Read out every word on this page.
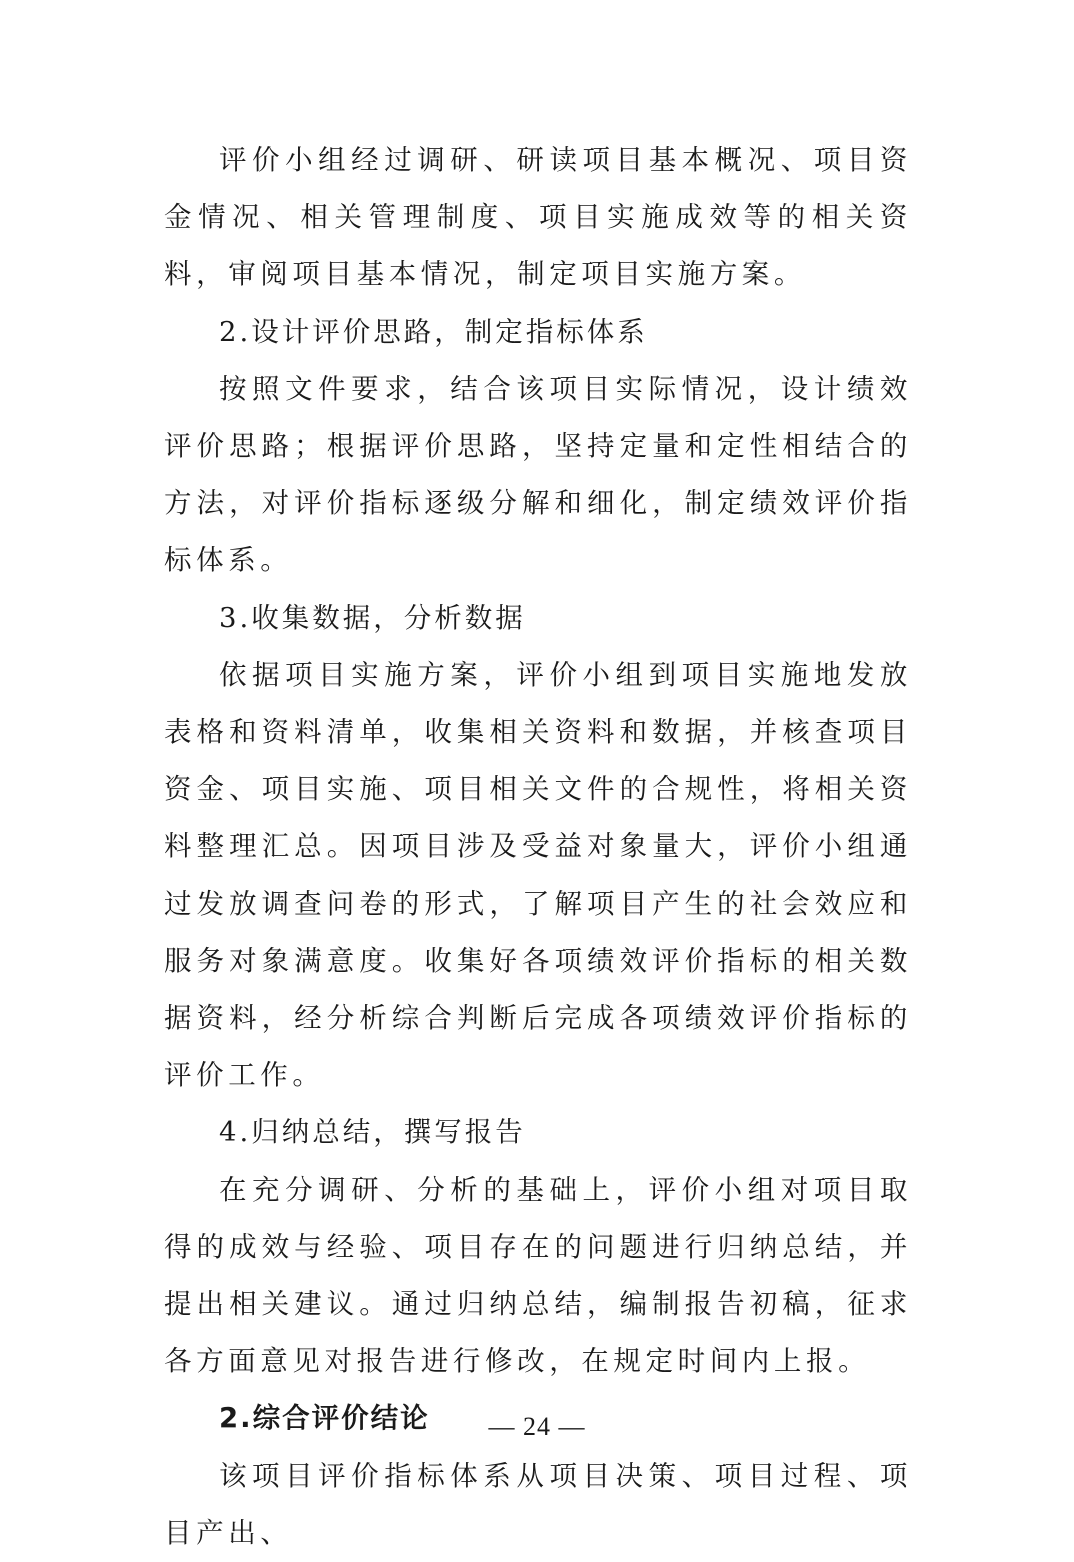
评价小组经过调研、研读项目基本概况、项目资金情况、相关管理制度、项目实施成效等的相关资料，审阅项目基本情况，制定项目实施方案。

2.设计评价思路，制定指标体系

按照文件要求，结合该项目实际情况，设计绩效评价思路；根据评价思路，坚持定量和定性相结合的方法，对评价指标逐级分解和细化，制定绩效评价指标体系。

3.收集数据，分析数据

依据项目实施方案，评价小组到项目实施地发放表格和资料清单，收集相关资料和数据，并核查项目资金、项目实施、项目相关文件的合规性，将相关资料整理汇总。因项目涉及受益对象量大，评价小组通过发放调查问卷的形式，了解项目产生的社会效应和服务对象满意度。收集好各项绩效评价指标的相关数据资料，经分析综合判断后完成各项绩效评价指标的评价工作。

4.归纳总结，撰写报告

在充分调研、分析的基础上，评价小组对项目取得的成效与经验、项目存在的问题进行归纳总结，并提出相关建议。通过归纳总结，编制报告初稿，征求各方面意见对报告进行修改，在规定时间内上报。

2.综合评价结论

该项目评价指标体系从项目决策、项目过程、项目产出、

— 24 —
